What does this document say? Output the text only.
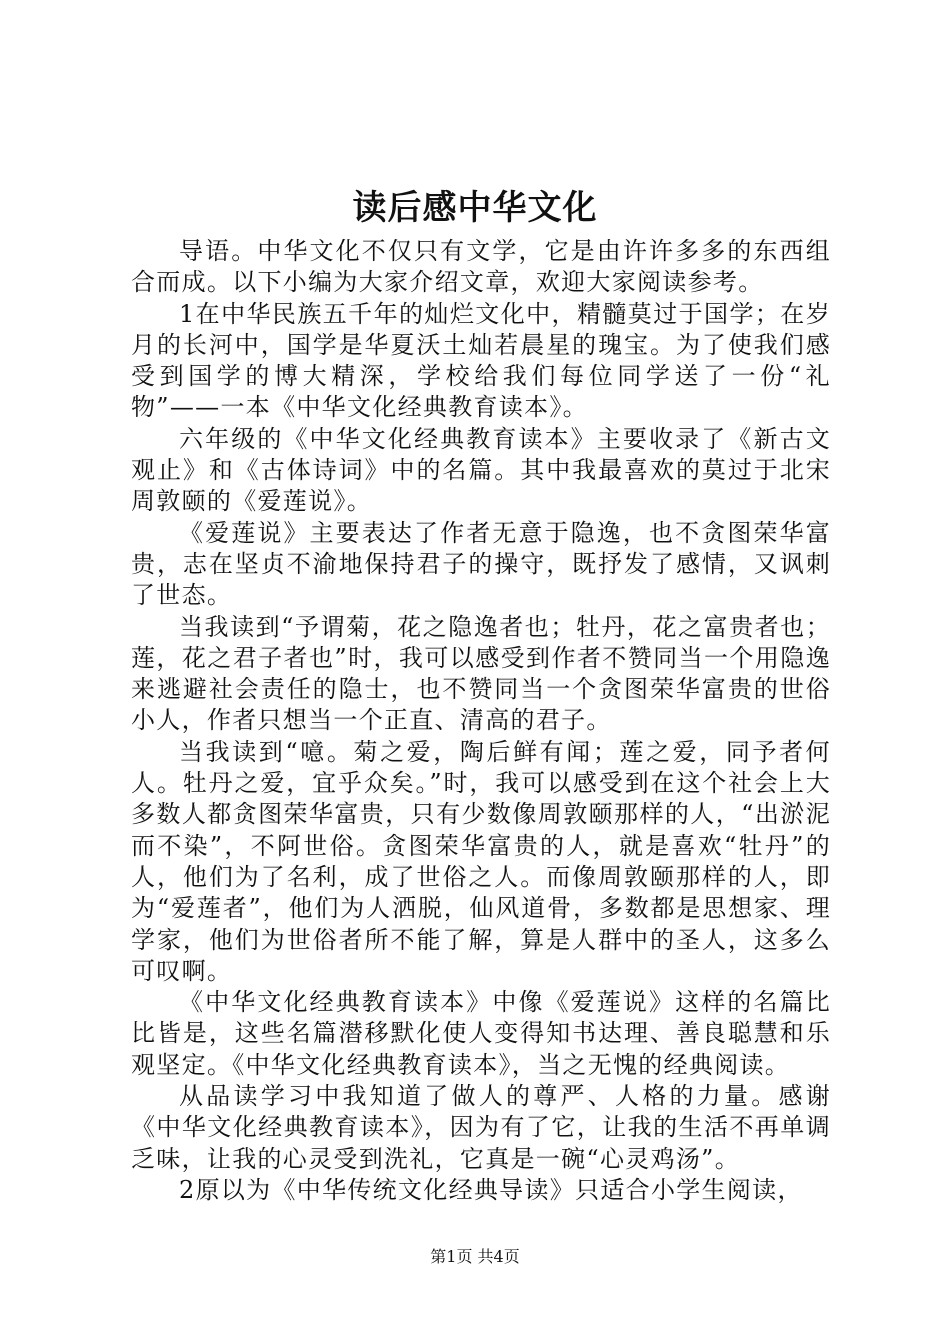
读后感中华文化

导语。中华文化不仅只有文学，它是由许许多多的东西组合而成。以下小编为大家介绍文章，欢迎大家阅读参考。

1在中华民族五千年的灿烂文化中，精髓莫过于国学；在岁月的长河中，国学是华夏沃土灿若晨星的瑰宝。为了使我们感受到国学的博大精深，学校给我们每位同学送了一份“礼物”——一本《中华文化经典教育读本》。

六年级的《中华文化经典教育读本》主要收录了《新古文观止》和《古体诗词》中的名篇。其中我最喜欢的莫过于北宋周敦颐的《爱莲说》。

《爱莲说》主要表达了作者无意于隐逸，也不贪图荣华富贵，志在坚贞不渝地保持君子的操守，既抒发了感情，又讽刺了世态。

当我读到“予谓菊，花之隐逸者也；牡丹，花之富贵者也；莲，花之君子者也”时，我可以感受到作者不赞同当一个用隐逸来逃避社会责任的隐士，也不赞同当一个贪图荣华富贵的世俗小人，作者只想当一个正直、清高的君子。

当我读到“噫。菊之爱，陶后鲜有闻；莲之爱，同予者何人。牡丹之爱，宜乎众矣。”时，我可以感受到在这个社会上大多数人都贪图荣华富贵，只有少数像周敦颐那样的人，“出淤泥而不染”，不阿世俗。贪图荣华富贵的人，就是喜欢“牡丹”的人，他们为了名利，成了世俗之人。而像周敦颐那样的人，即为“爱莲者”，他们为人洒脱，仙风道骨，多数都是思想家、理学家，他们为世俗者所不能了解，算是人群中的圣人，这多么可叹啊。

《中华文化经典教育读本》中像《爱莲说》这样的名篇比比皆是，这些名篇潜移默化使人变得知书达理、善良聪慧和乐观坚定。《中华文化经典教育读本》，当之无愧的经典阅读。

从品读学习中我知道了做人的尊严、人格的力量。感谢《中华文化经典教育读本》，因为有了它，让我的生活不再单调乏味，让我的心灵受到洗礼，它真是一碗“心灵鸡汤”。

2原以为《中华传统文化经典导读》只适合小学生阅读，

第1页 共4页
